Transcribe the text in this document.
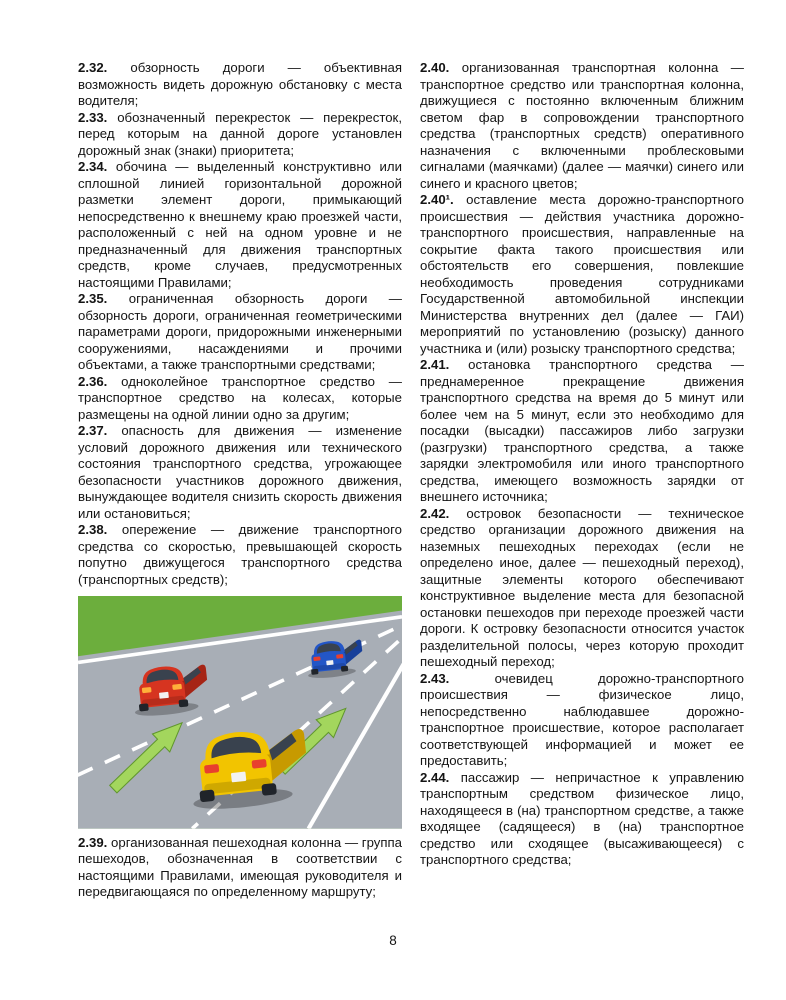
2.32. обзорность дороги — объективная возможность видеть дорожную обстановку с места водителя;

2.33. обозначенный перекресток — перекресток, перед которым на данной дороге установлен дорожный знак (знаки) приоритета;

2.34. обочина — выделенный конструктивно или сплошной линией горизонтальной дорожной разметки элемент дороги, примыкающий непосредственно к внешнему краю проезжей части, расположенный с ней на одном уровне и не предназначенный для движения транспортных средств, кроме случаев, предусмотренных настоящими Правилами;

2.35. ограниченная обзорность дороги — обзорность дороги, ограниченная геометрическими параметрами дороги, придорожными инженерными сооружениями, насаждениями и прочими объектами, а также транспортными средствами;

2.36. одноколейное транспортное средство — транспортное средство на колесах, которые размещены на одной линии одно за другим;

2.37. опасность для движения — изменение условий дорожного движения или технического состояния транспортного средства, угрожающее безопасности участников дорожного движения, вынуждающее водителя снизить скорость движения или остановиться;

2.38. опережение — движение транспортного средства со скоростью, превышающей скорость попутно движущегося транспортного средства (транспортных средств);

2.39. организованная пешеходная колонна — группа пешеходов, обозначенная в соответствии с настоящими Правилами, имеющая руководителя и передвигающаяся по определенному маршруту;

2.40. организованная транспортная колонна — транспортное средство или транспортная колонна, движущиеся с постоянно включенным ближним светом фар в сопровождении транспортного средства (транспортных средств) оперативного назначения с включенными проблесковыми сигналами (маячками) (далее — маячки) синего или синего и красного цветов;

2.40¹. оставление места дорожно-транспортного происшествия — действия участника дорожно-транспортного происшествия, направленные на сокрытие факта такого происшествия или обстоятельств его совершения, повлекшие необходимость проведения сотрудниками Государственной автомобильной инспекции Министерства внутренних дел (далее — ГАИ) мероприятий по установлению (розыску) данного участника и (или) розыску транспортного средства;

2.41. остановка транспортного средства — преднамеренное прекращение движения транспортного средства на время до 5 минут или более чем на 5 минут, если это необходимо для посадки (высадки) пассажиров либо загрузки (разгрузки) транспортного средства, а также зарядки электромобиля или иного транспортного средства, имеющего возможность зарядки от внешнего источника;

2.42. островок безопасности — техническое средство организации дорожного движения на наземных пешеходных переходах (если не определено иное, далее — пешеходный переход), защитные элементы которого обеспечивают конструктивное выделение места для безопасной остановки пешеходов при переходе проезжей части дороги. К островку безопасности относится участок разделительной полосы, через которую проходит пешеходный переход;

2.43. очевидец дорожно-транспортного происшествия — физическое лицо, непосредственно наблюдавшее дорожно-транспортное происшествие, которое располагает соответствующей информацией и может ее предоставить;

2.44. пассажир — непричастное к управлению транспортным средством физическое лицо, находящееся в (на) транспортном средстве, а также входящее (садящееся) в (на) транспортное средство или сходящее (высаживающееся) с транспортного средства;

8
